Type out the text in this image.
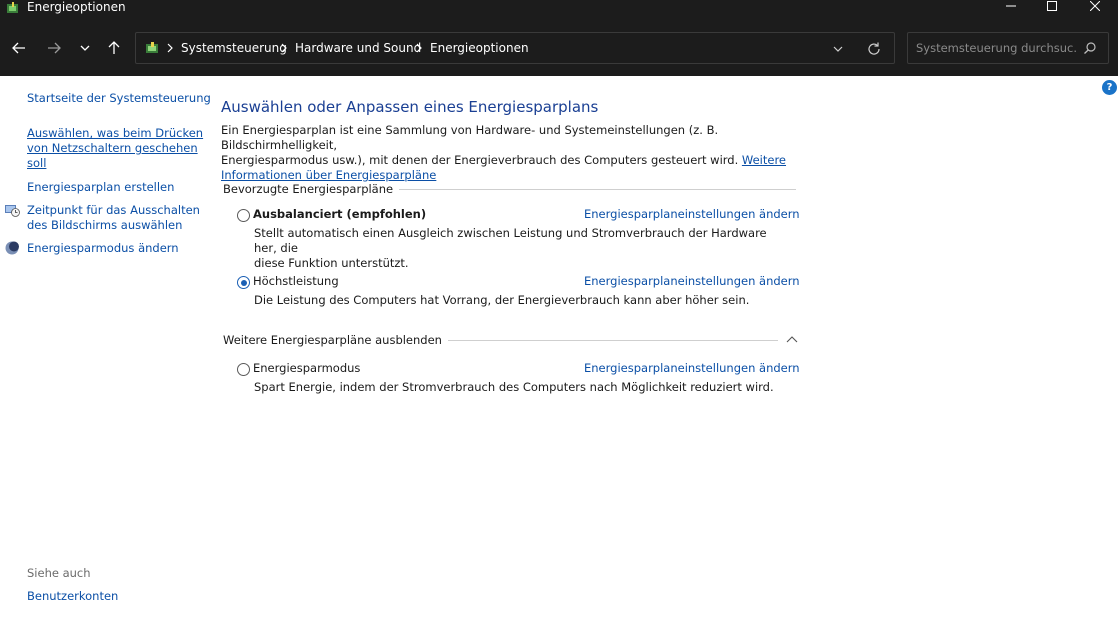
Energieoptionen
Systemsteuerung Hardware und Sound Energieoptionen
Systemsteuerung durchsuc...
?
Startseite der Systemsteuerung
Auswählen, was beim Drücken
von Netzschaltern geschehen
soll
Energiesparplan erstellen
Zeitpunkt für das Ausschalten
des Bildschirms auswählen
Energiesparmodus ändern
Siehe auch
Benutzerkonten
Auswählen oder Anpassen eines Energiesparplans
Ein Energiesparplan ist eine Sammlung von Hardware- und Systemeinstellungen (z. B. Bildschirmhelligkeit,
Energiesparmodus usw.), mit denen der Energieverbrauch des Computers gesteuert wird. Weitere
Informationen über Energiesparpläne
Bevorzugte Energiesparpläne
Ausbalanciert (empfohlen)	Energiesparplaneinstellungen ändern
Stellt automatisch einen Ausgleich zwischen Leistung und Stromverbrauch der Hardware her, die
diese Funktion unterstützt.
Höchstleistung	Energiesparplaneinstellungen ändern
Die Leistung des Computers hat Vorrang, der Energieverbrauch kann aber höher sein.
Weitere Energiesparpläne ausblenden
Energiesparmodus	Energiesparplaneinstellungen ändern
Spart Energie, indem der Stromverbrauch des Computers nach Möglichkeit reduziert wird.
